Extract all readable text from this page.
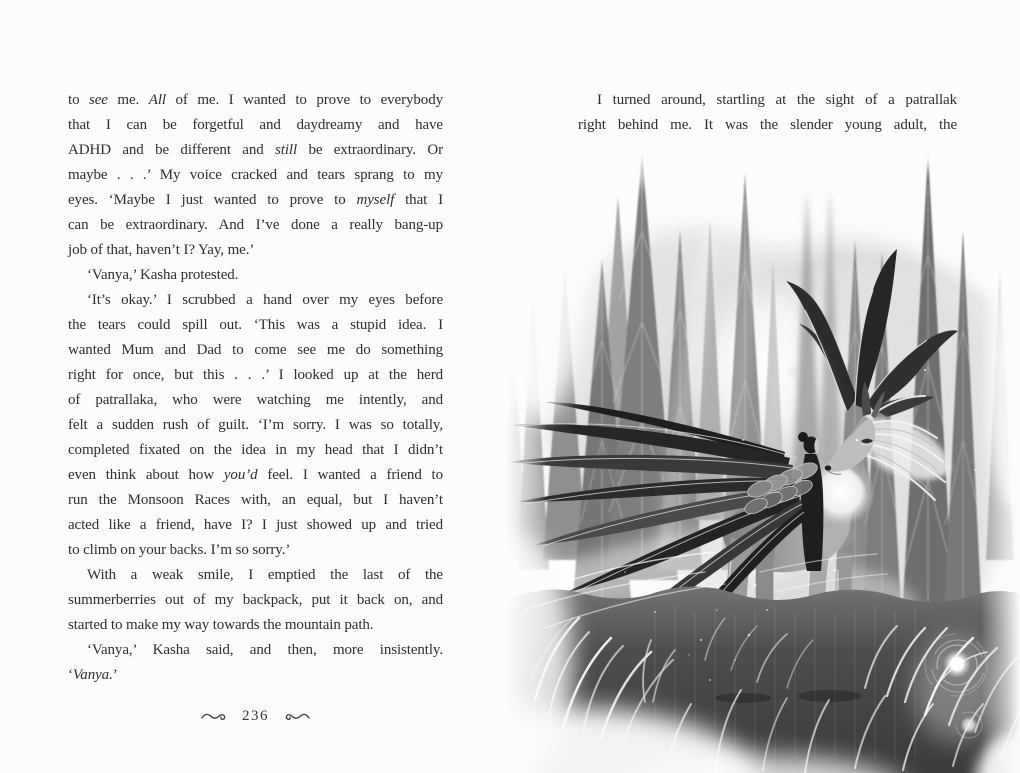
to see me. All of me. I wanted to prove to everybody
that I can be forgetful and daydreamy and have
ADHD and be different and still be extraordinary. Or
maybe . . .’ My voice cracked and tears sprang to my
eyes. ‘Maybe I just wanted to prove to myself that I
can be extraordinary. And I’ve done a really bang-up
job of that, haven’t I? Yay, me.’
‘Vanya,’ Kasha protested.
‘It’s okay.’ I scrubbed a hand over my eyes before
the tears could spill out. ‘This was a stupid idea. I
wanted Mum and Dad to come see me do something
right for once, but this . . .’ I looked up at the herd
of patrallaka, who were watching me intently, and
felt a sudden rush of guilt. ‘I’m sorry. I was so totally,
completed fixated on the idea in my head that I didn’t
even think about how you’d feel. I wanted a friend to
run the Monsoon Races with, an equal, but I haven’t
acted like a friend, have I? I just showed up and tried
to climb on your backs. I’m so sorry.’
With a weak smile, I emptied the last of the
summerberries out of my backpack, put it back on, and
started to make my way towards the mountain path.
‘Vanya,’ Kasha said, and then, more insistently.
‘Vanya.’
236
I turned around, startling at the sight of a patrallak
right behind me. It was the slender young adult, the
